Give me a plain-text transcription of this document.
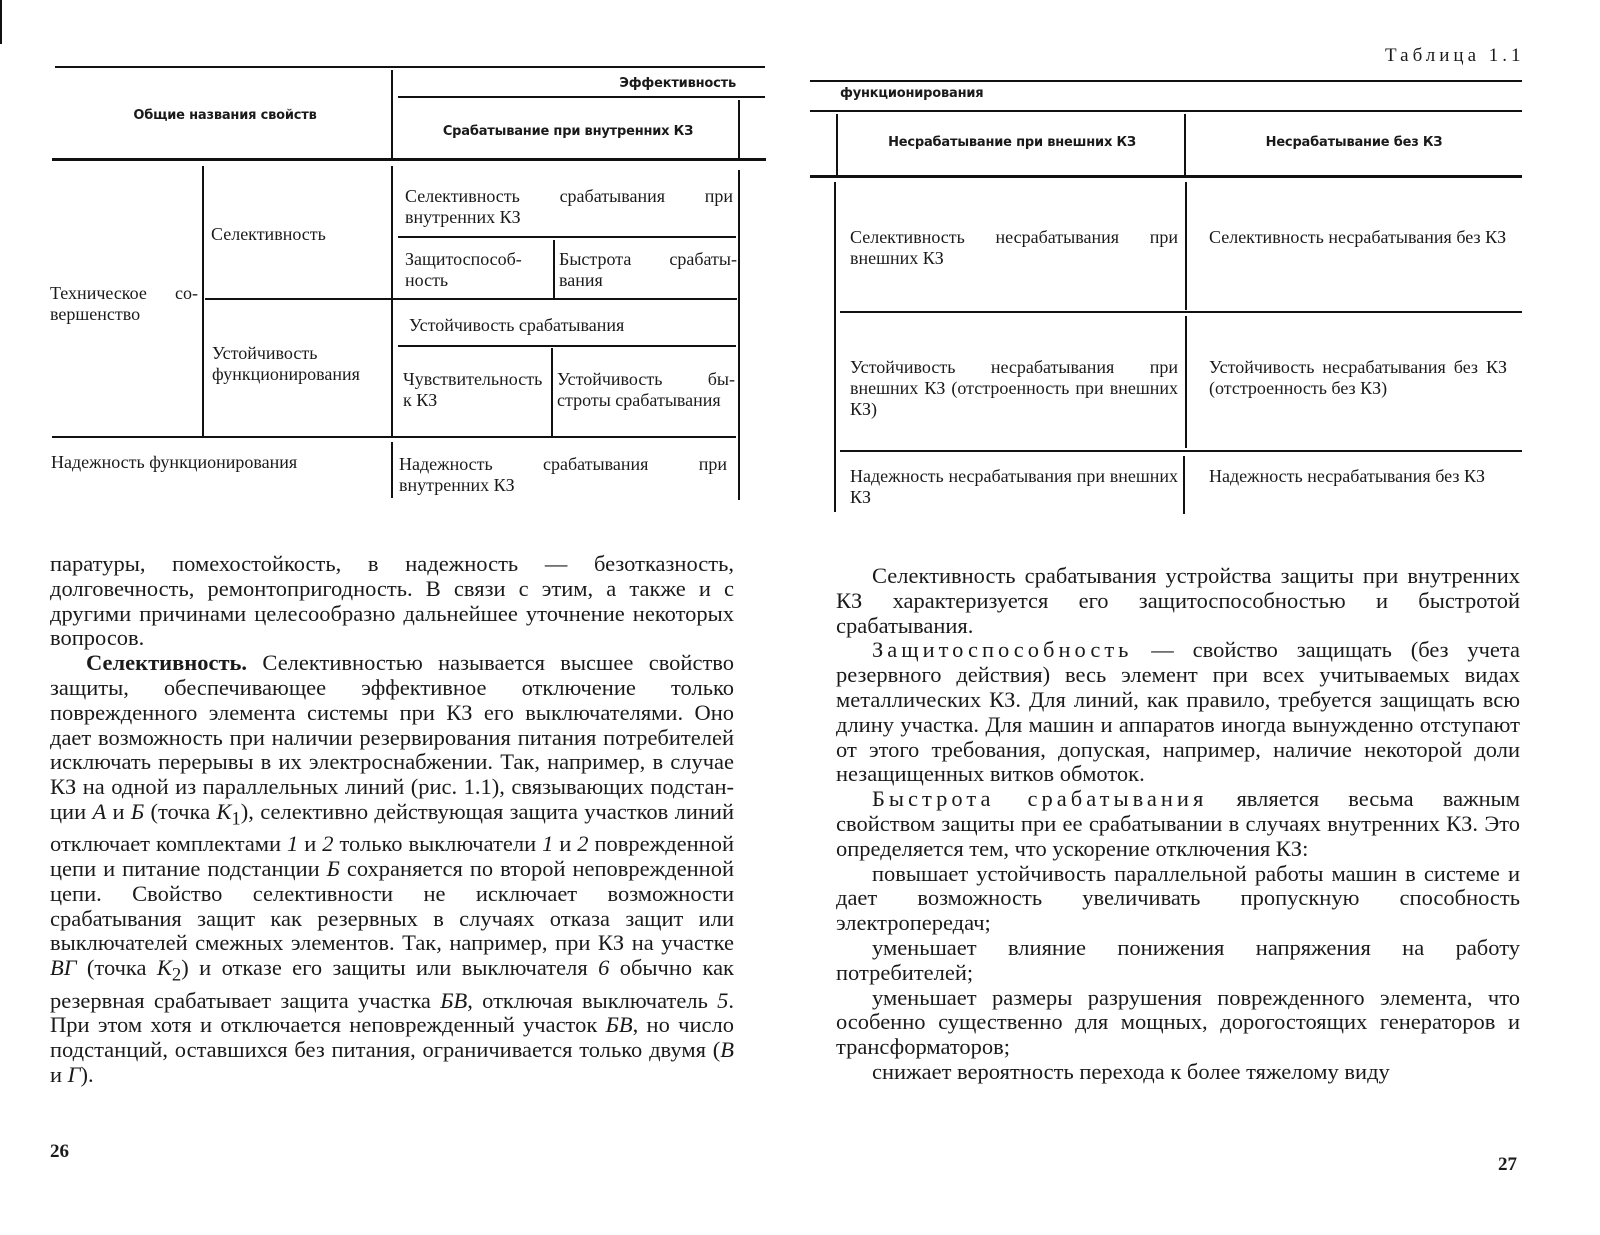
Общие названия свойств
Эффективность
Срабатывание при внутренних КЗ
Техническое совершенство
Селективность
Устойчивость функционирования
Селективность срабатывания при внутренних КЗ
Защитоспособность
Быстрота срабатывания
Устойчивость срабатывания
Чувствительность к КЗ
Устойчивость быстроты срабатывания
Надежность функционирования	Надежность срабатывания при внутренних КЗ

паратуры, помехостойкость, в надежность — безотказность, долговечность, ремонтопригодность. В связи с этим, а также и с другими причинами целесообразно дальнейшее уточнение некоторых вопросов.

Селективность. Селективностью называется высшее свойство защиты, обеспечивающее эффективное отключение только поврежденного элемента системы при КЗ его выключателями. Оно дает возможность при наличии резервирования питания потребителей исключать перерывы в их электроснабжении. Так, например, в случае КЗ на одной из параллельных линий (рис. 1.1), связывающих подстанции А и Б (точка $K_1$), селективно действующая защита участков линий отключает комплектами 1 и 2 только выключатели 1 и 2 поврежденной цепи и питание подстанции Б сохраняется по второй неповрежденной цепи. Свойство селективности не исключает возможности срабатывания защит как резервных в случаях отказа защит или выключателей смежных элементов. Так, например, при КЗ на участке ВГ (точка $K_2$) и отказе его защиты или выключателя 6 обычно как резервная срабатывает защита участка БВ, отключая выключатель 5. При этом хотя и отключается неповрежденный участок БВ, но число подстанций, оставшихся без питания, ограничивается только двумя (В и Г).

26
Таблица 1.1
функционирования
Несрабатывание при внешних КЗ	Несрабатывание без КЗ
Селективность несрабатывания при внешних КЗ
Селективность несрабатывания без КЗ
Устойчивость несрабатывания при внешних КЗ (отстроенность при внешних КЗ)
Устойчивость несрабатывания без КЗ (отстроенность без КЗ)
Надежность несрабатывания при внешних КЗ
Надежность несрабатывания без КЗ

Селективность срабатывания устройства защиты при внутренних КЗ характеризуется его защитоспособностью и быстротой срабатывания.

Защитоспособность — свойство защищать (без учета резервного действия) весь элемент при всех учитываемых видах металлических КЗ. Для линий, как правило, требуется защищать всю длину участка. Для машин и аппаратов иногда вынужденно отступают от этого требования, допуская, например, наличие некоторой доли незащищенных витков обмоток.

Быстрота срабатывания является весьма важным свойством защиты при ее срабатывании в случаях внутренних КЗ. Это определяется тем, что ускорение отключения КЗ:

повышает устойчивость параллельной работы машин в системе и дает возможность увеличивать пропускную способность электропередач;

уменьшает влияние понижения напряжения на работу потребителей;

уменьшает размеры разрушения поврежденного элемента, что особенно существенно для мощных, дорогостоящих генераторов и трансформаторов;

снижает вероятность перехода к более тяжелому виду

27
